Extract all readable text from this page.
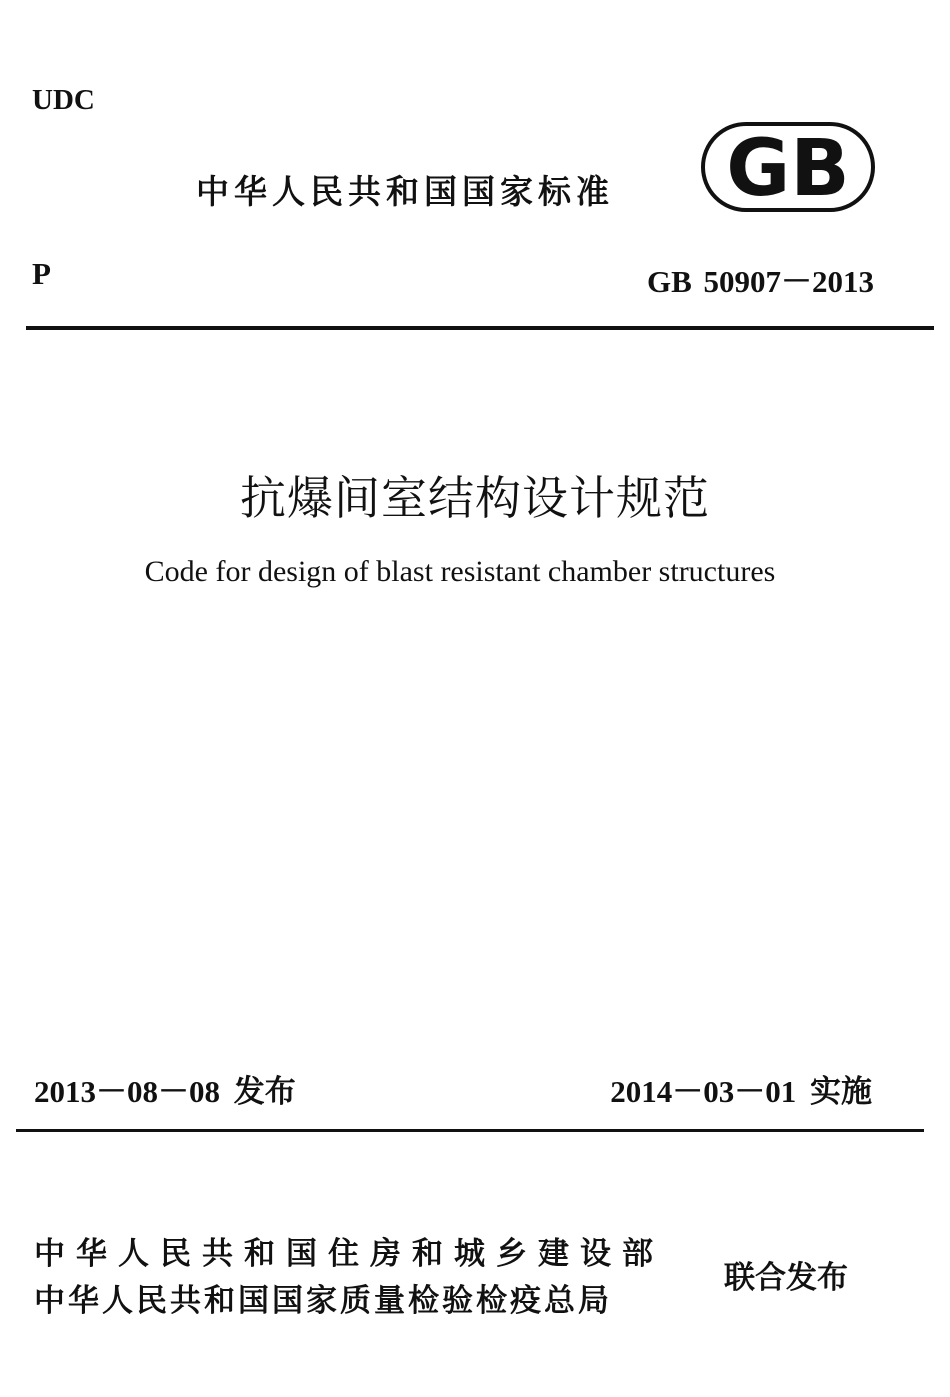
UDC
中华人民共和国国家标准 GB
P	GB 50907－2013
抗爆间室结构设计规范
Code for design of blast resistant chamber structures
2013－08－08 发布	2014－03－01 实施
中华人民共和国住房和城乡建设部
中华人民共和国国家质量检验检疫总局
联合发布
